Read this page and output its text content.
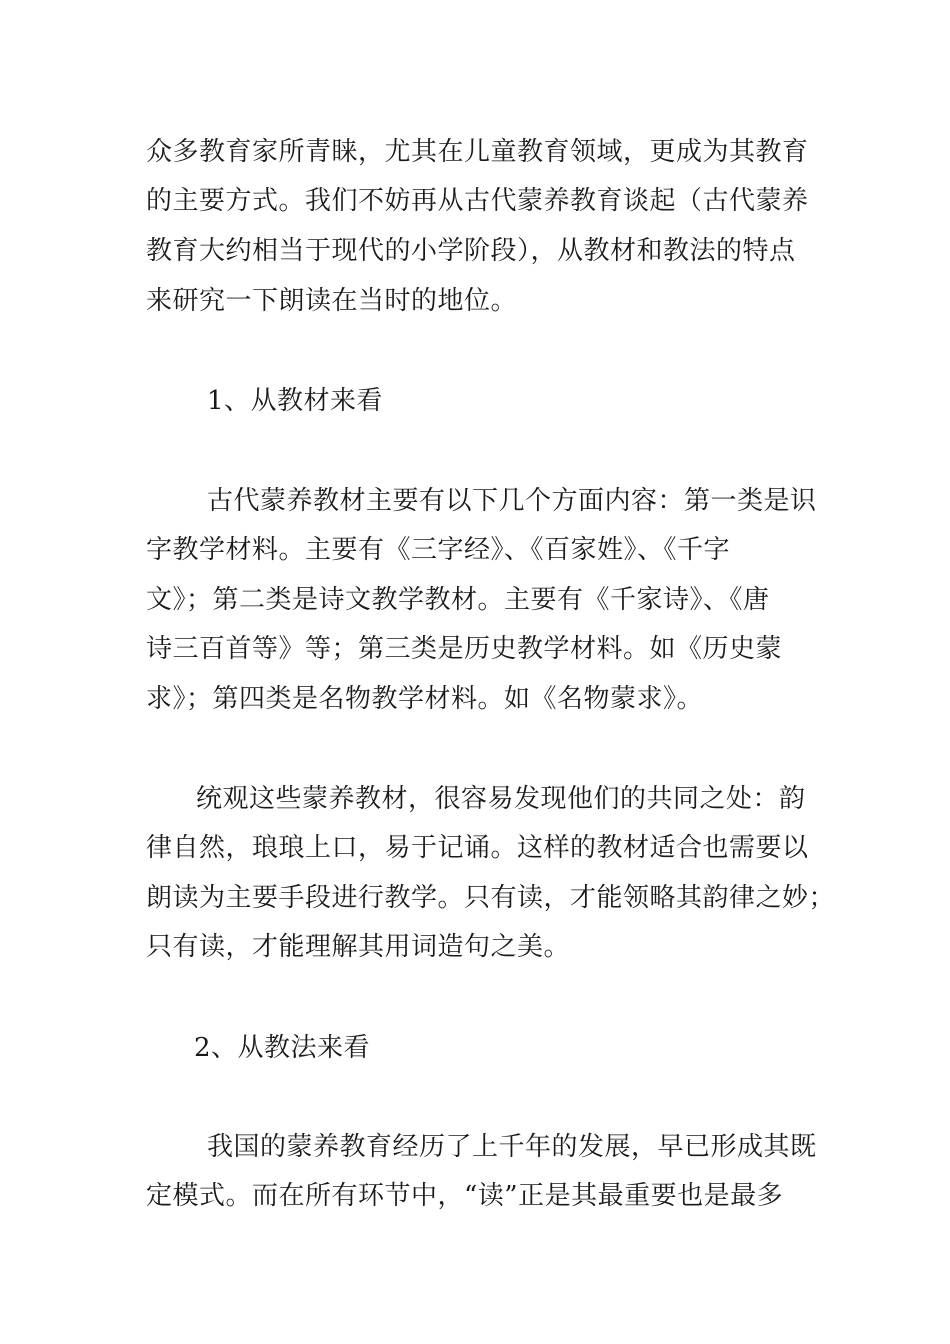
众多教育家所青睐，尤其在儿童教育领域，更成为其教育
的主要方式。我们不妨再从古代蒙养教育谈起（古代蒙养
教育大约相当于现代的小学阶段），从教材和教法的特点
来研究一下朗读在当时的地位。
1、从教材来看
古代蒙养教材主要有以下几个方面内容：第一类是识
字教学材料。主要有《三字经》、《百家姓》、《千字
文》；第二类是诗文教学教材。主要有《千家诗》、《唐
诗三百首等》等；第三类是历史教学材料。如《历史蒙
求》；第四类是名物教学材料。如《名物蒙求》。
统观这些蒙养教材，很容易发现他们的共同之处：韵
律自然，琅琅上口，易于记诵。这样的教材适合也需要以
朗读为主要手段进行教学。只有读，才能领略其韵律之妙；
只有读，才能理解其用词造句之美。
2、从教法来看
我国的蒙养教育经历了上千年的发展，早已形成其既
定模式。而在所有环节中，“读”正是其最重要也是最多
